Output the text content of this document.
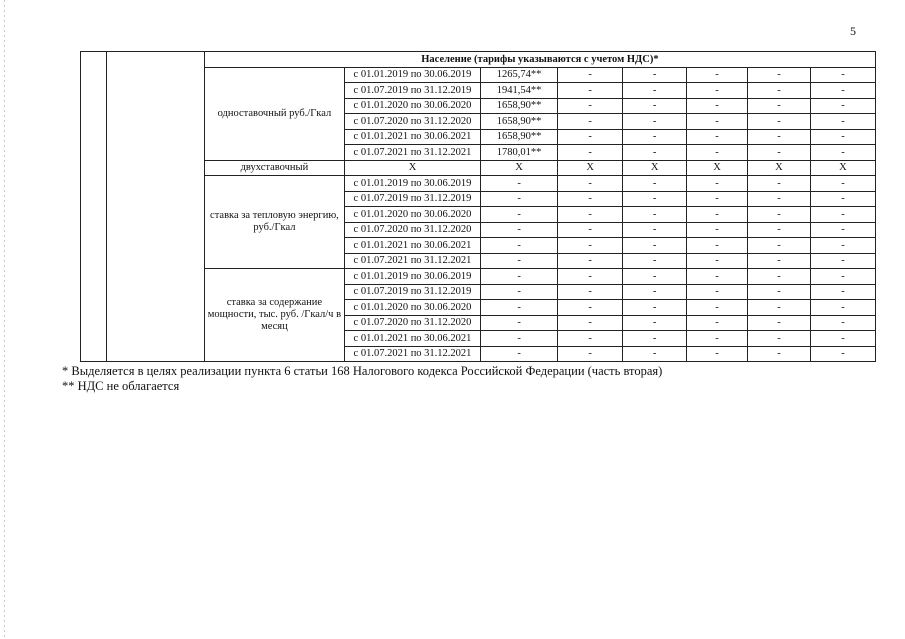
5
		Население (тарифы указываются с учетом НДС)*							
		одноставочный руб./Гкал	с 01.01.2019 по 30.06.2019	1265,74**	-	-	-	-	-
			с 01.07.2019 по 31.12.2019	1941,54**	-	-	-	-	-
			с 01.01.2020 по 30.06.2020	1658,90**	-	-	-	-	-
			с 01.07.2020 по 31.12.2020	1658,90**	-	-	-	-	-
			с 01.01.2021 по 30.06.2021	1658,90**	-	-	-	-	-
			с 01.07.2021 по 31.12.2021	1780,01**	-	-	-	-	-
		двухставочный	X	X	X	X	X	X	X
		ставка за тепловую энергию, руб./Гкал	с 01.01.2019 по 30.06.2019	-	-	-	-	-	-
			с 01.07.2019 по 31.12.2019	-	-	-	-	-	-
			с 01.01.2020 по 30.06.2020	-	-	-	-	-	-
			с 01.07.2020 по 31.12.2020	-	-	-	-	-	-
			с 01.01.2021 по 30.06.2021	-	-	-	-	-	-
			с 01.07.2021 по 31.12.2021	-	-	-	-	-	-
		ставка за содержание мощности, тыс. руб. /Гкал/ч в месяц	с 01.01.2019 по 30.06.2019	-	-	-	-	-	-
			с 01.07.2019 по 31.12.2019	-	-	-	-	-	-
			с 01.01.2020 по 30.06.2020	-	-	-	-	-	-
			с 01.07.2020 по 31.12.2020	-	-	-	-	-	-
			с 01.01.2021 по 30.06.2021	-	-	-	-	-	-
			с 01.07.2021 по 31.12.2021	-	-	-	-	-	-
* Выделяется в целях реализации пункта 6 статьи 168 Налогового кодекса Российской Федерации (часть вторая)
** НДС не облагается
